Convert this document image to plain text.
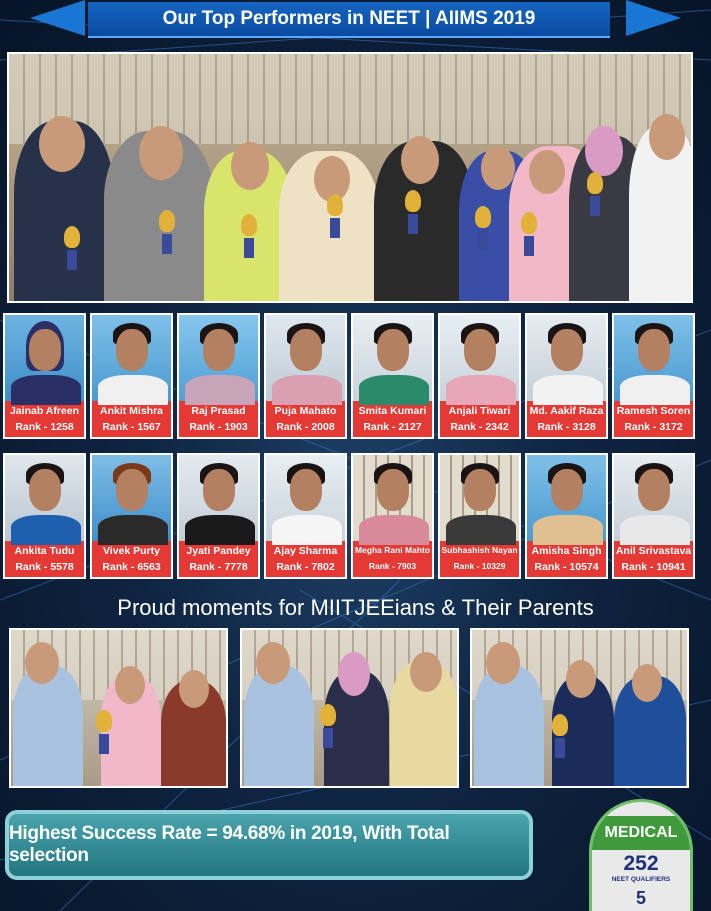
Our Top Performers in NEET | AIIMS 2019
Jainab Afreen
Rank - 1258
Ankit Mishra
Rank - 1567
Raj Prasad
Rank - 1903
Puja Mahato
Rank - 2008
Smita Kumari
Rank - 2127
Anjali Tiwari
Rank - 2342
Md. Aakif Raza
Rank - 3128
Ramesh Soren
Rank - 3172
Ankita Tudu
Rank - 5578
Vivek Purty
Rank - 6563
Jyati Pandey
Rank - 7778
Ajay Sharma
Rank - 7802
Megha Rani Mahto
Rank - 7903
Subhashish Nayan
Rank - 10329
Amisha Singh
Rank - 10574
Anil Srivastava
Rank - 10941
Proud moments for MIITJEEians & Their Parents
Highest Success Rate = 94.68% in 2019, With Total selection
MEDICAL
252
NEET QUALIFIERS
5
